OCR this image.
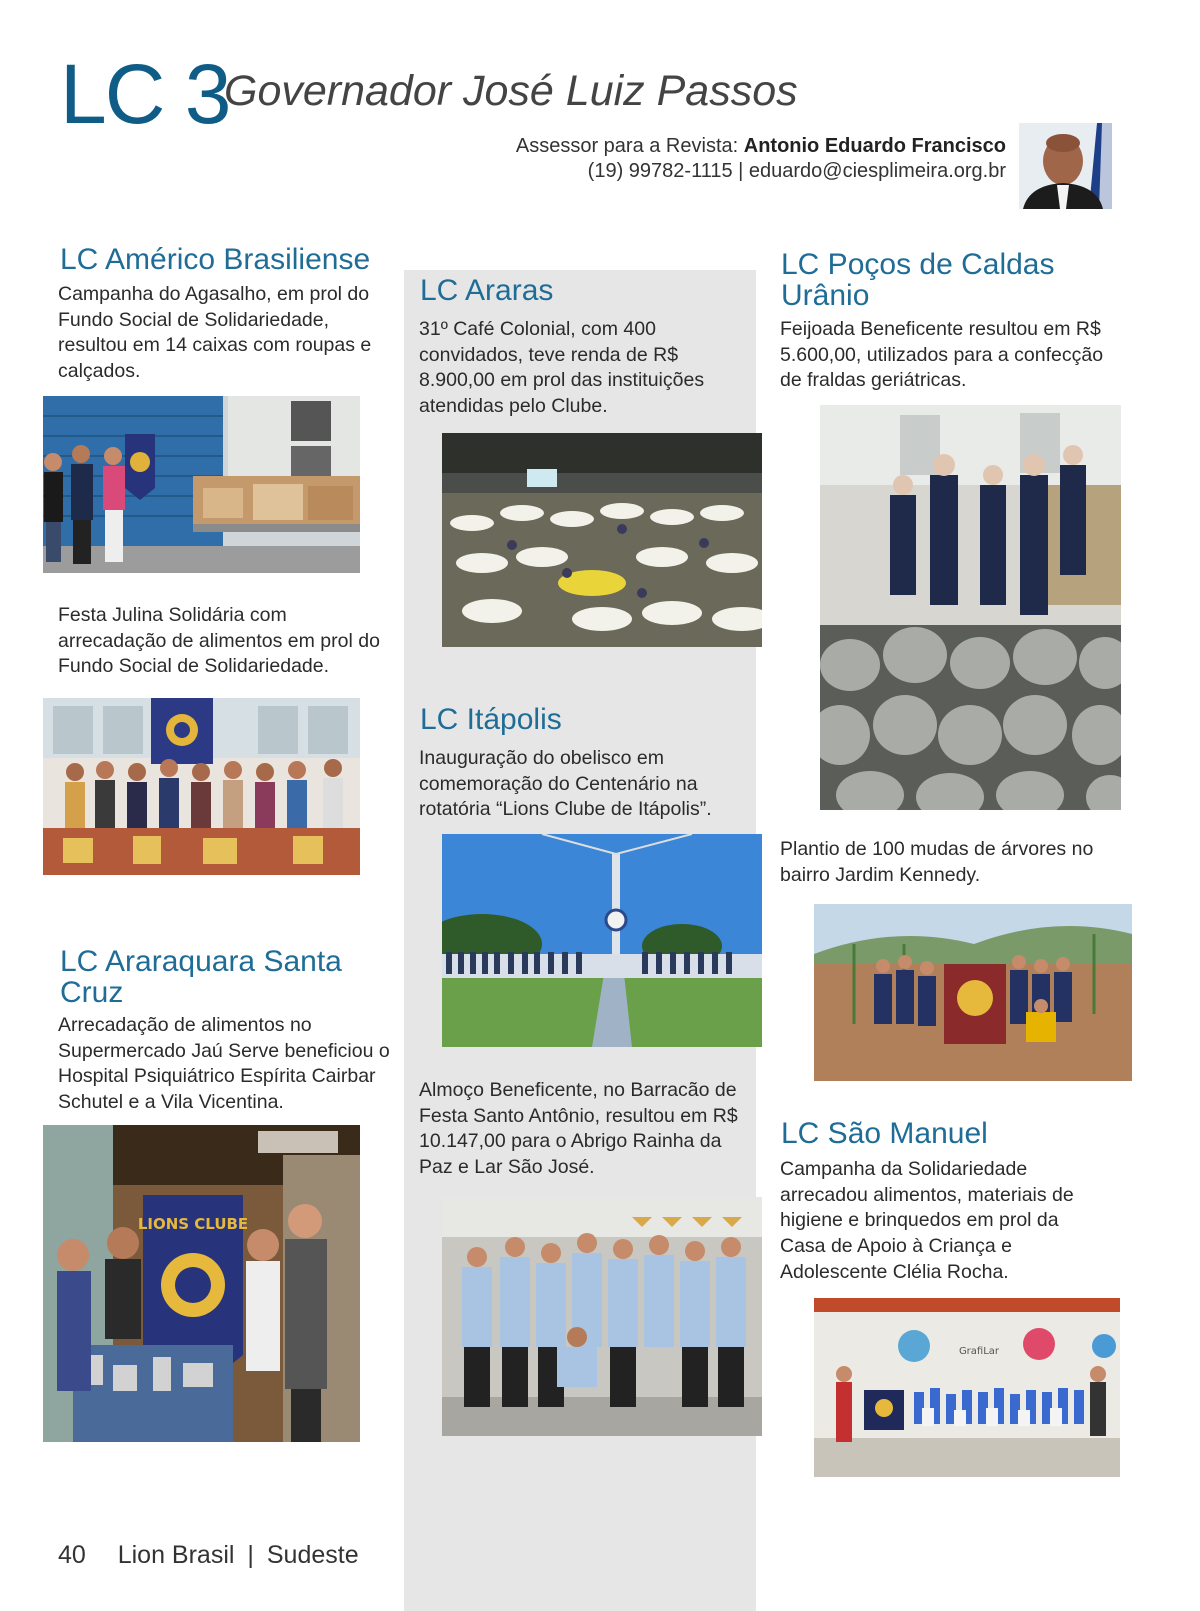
LC 3
Governador José Luiz Passos
Assessor para a Revista: Antonio Eduardo Francisco
(19) 99782-1115 | eduardo@ciesplimeira.org.br
LC Américo Brasiliense
Campanha do Agasalho, em prol do Fundo Social de Solidariedade, resultou em 14 caixas com roupas e calçados.
Festa Julina Solidária com arrecadação de alimentos em prol do Fundo Social de Solidariedade.
LC Araraquara Santa Cruz
Arrecadação de alimentos no Supermercado Jaú Serve beneficiou o Hospital Psiquiátrico Espírita Cairbar Schutel e a Vila Vicentina.
LIONS CLUBE
LC Araras
31º Café Colonial, com 400 convidados, teve renda de R$ 8.900,00 em prol das instituições atendidas pelo Clube.
LC Itápolis
Inauguração do obelisco em comemoração do Centenário na rotatória “Lions Clube de Itápolis”.
Almoço Beneficente, no Barracão de Festa Santo Antônio, resultou em R$ 10.147,00 para o Abrigo Rainha da Paz e Lar São José.
LC Poços de Caldas Urânio
Feijoada Beneficente resultou em R$ 5.600,00, utilizados para a confecção de fraldas geriátricas.
Plantio de 100 mudas de árvores no bairro Jardim Kennedy.
LC São Manuel
Campanha da Solidariedade arrecadou alimentos, materiais de higiene e brinquedos em prol da Casa de Apoio à Criança e Adolescente Clélia Rocha.
GrafiLar
40 Lion Brasil | Sudeste
